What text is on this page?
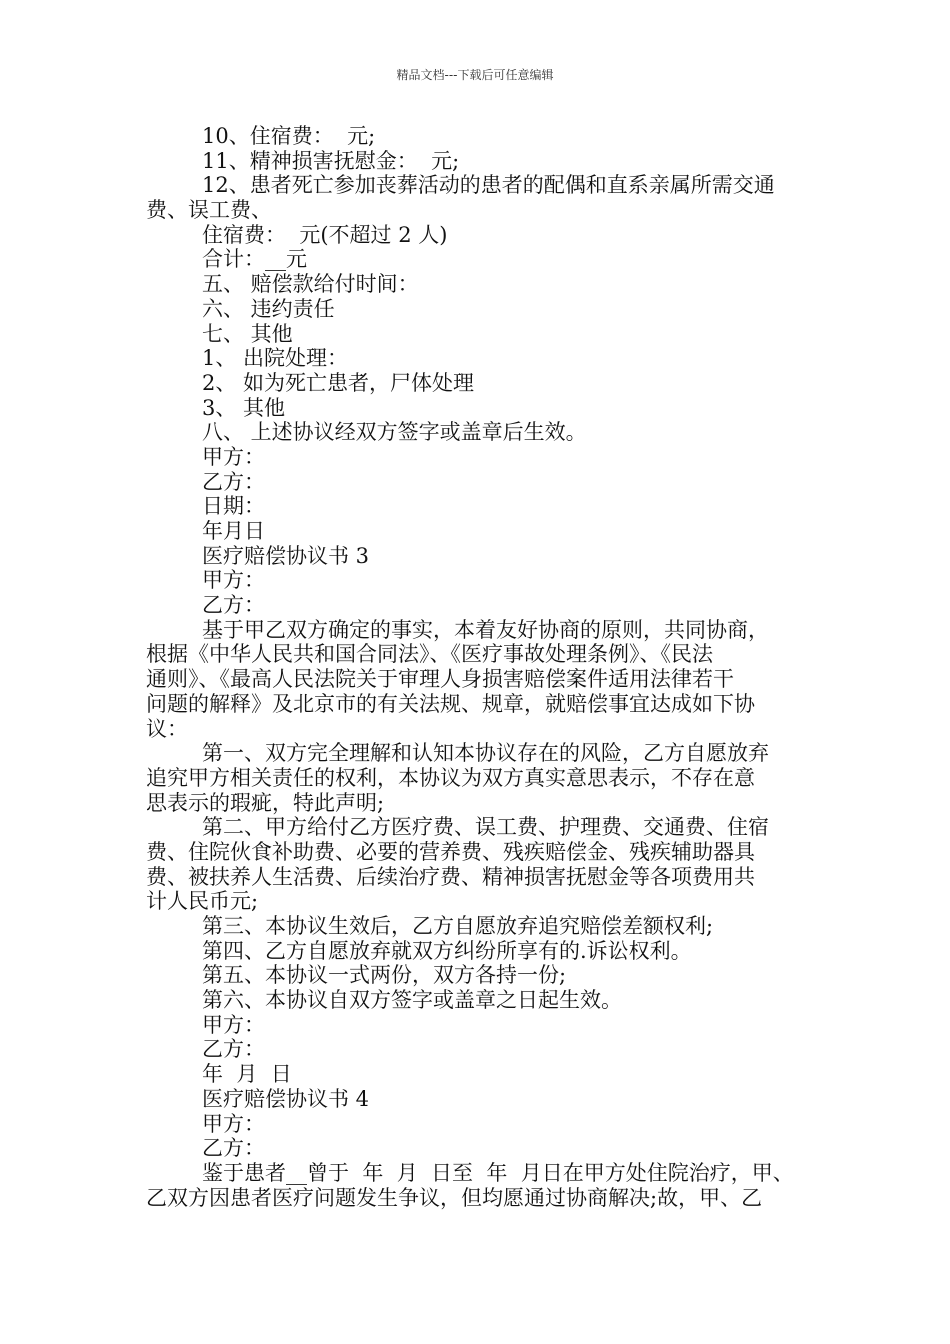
精品文档---下载后可任意编辑
10、住宿费：  元;
11、精神损害抚慰金：  元;
12、患者死亡参加丧葬活动的患者的配偶和直系亲属所需交通
费、误工费、
住宿费：  元(不超过 2 人)
合计：__元
五、 赔偿款给付时间：
六、 违约责任
七、 其他
1、 出院处理：
2、 如为死亡患者，尸体处理
3、 其他
八、 上述协议经双方签字或盖章后生效。
甲方：
乙方：
日期：
年月日
医疗赔偿协议书 3
甲方：
乙方：
基于甲乙双方确定的事实，本着友好协商的原则，共同协商，
根据《中华人民共和国合同法》、《医疗事故处理条例》、《民法
通则》、《最高人民法院关于审理人身损害赔偿案件适用法律若干
问题的解释》及北京市的有关法规、规章，就赔偿事宜达成如下协
议：
第一、双方完全理解和认知本协议存在的风险，乙方自愿放弃
追究甲方相关责任的权利，本协议为双方真实意思表示，不存在意
思表示的瑕疵，特此声明;
第二、甲方给付乙方医疗费、误工费、护理费、交通费、住宿
费、住院伙食补助费、必要的营养费、残疾赔偿金、残疾辅助器具
费、被扶养人生活费、后续治疗费、精神损害抚慰金等各项费用共
计人民币元;
第三、本协议生效后，乙方自愿放弃追究赔偿差额权利;
第四、乙方自愿放弃就双方纠纷所享有的.诉讼权利。
第五、本协议一式两份，双方各持一份;
第六、本协议自双方签字或盖章之日起生效。
甲方：
乙方：
年  月  日
医疗赔偿协议书 4
甲方：
乙方：
鉴于患者__曾于  年  月  日至  年  月日在甲方处住院治疗，甲、
乙双方因患者医疗问题发生争议，但均愿通过协商解决;故，甲、乙
